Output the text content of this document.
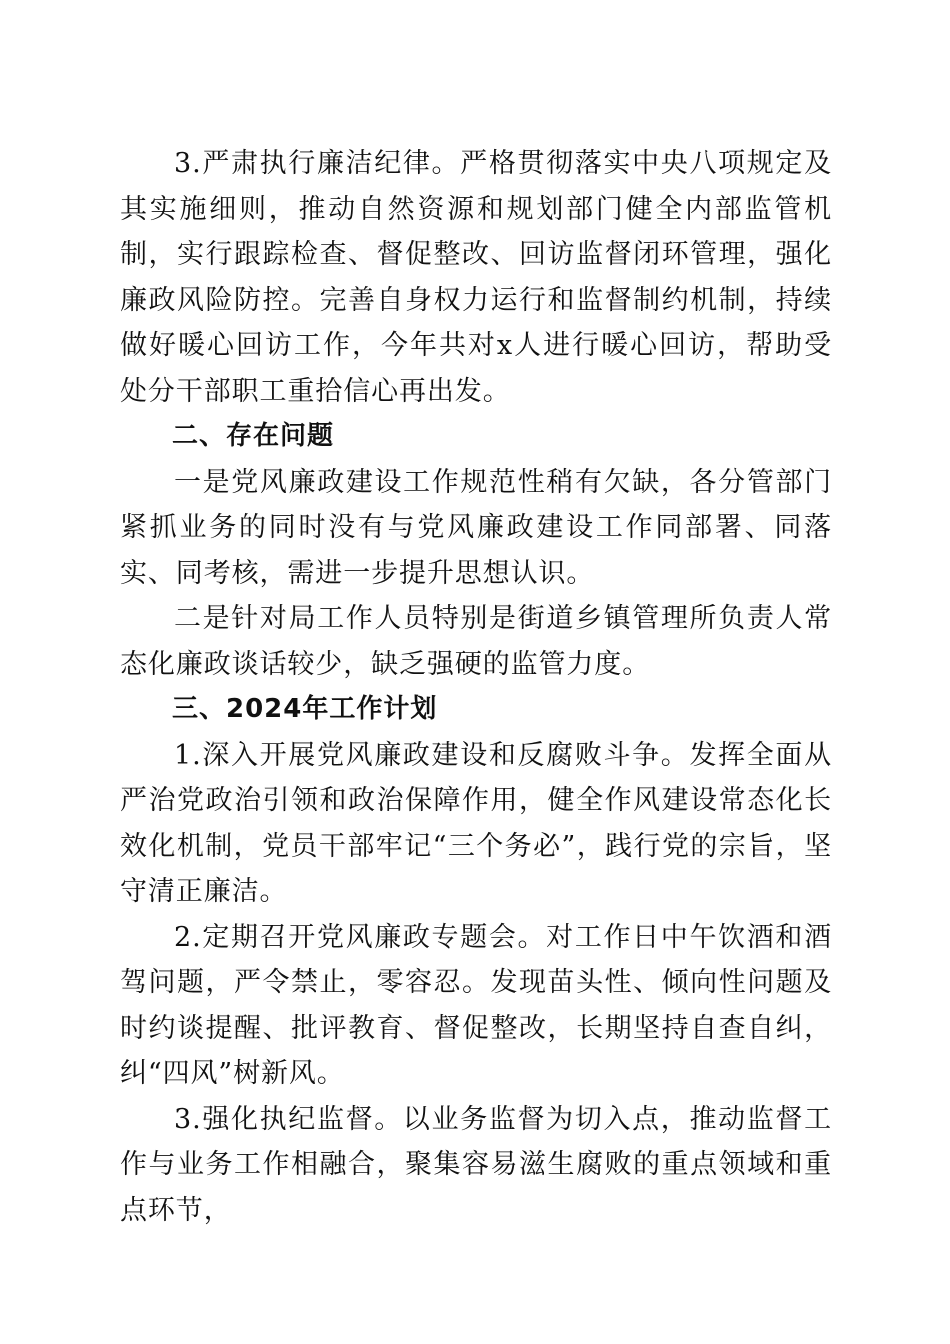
3.严肃执行廉洁纪律。严格贯彻落实中央八项规定及其实施细则，推动自然资源和规划部门健全内部监管机制，实行跟踪检查、督促整改、回访监督闭环管理，强化廉政风险防控。完善自身权力运行和监督制约机制，持续做好暖心回访工作，今年共对x人进行暖心回访，帮助受处分干部职工重拾信心再出发。

二、存在问题

一是党风廉政建设工作规范性稍有欠缺，各分管部门紧抓业务的同时没有与党风廉政建设工作同部署、同落实、同考核，需进一步提升思想认识。

二是针对局工作人员特别是街道乡镇管理所负责人常态化廉政谈话较少，缺乏强硬的监管力度。

三、2024年工作计划

1.深入开展党风廉政建设和反腐败斗争。发挥全面从严治党政治引领和政治保障作用，健全作风建设常态化长效化机制，党员干部牢记“三个务必”，践行党的宗旨，坚守清正廉洁。

2.定期召开党风廉政专题会。对工作日中午饮酒和酒驾问题，严令禁止，零容忍。发现苗头性、倾向性问题及时约谈提醒、批评教育、督促整改，长期坚持自查自纠，纠“四风”树新风。

3.强化执纪监督。以业务监督为切入点，推动监督工作与业务工作相融合，聚集容易滋生腐败的重点领域和重点环节，
